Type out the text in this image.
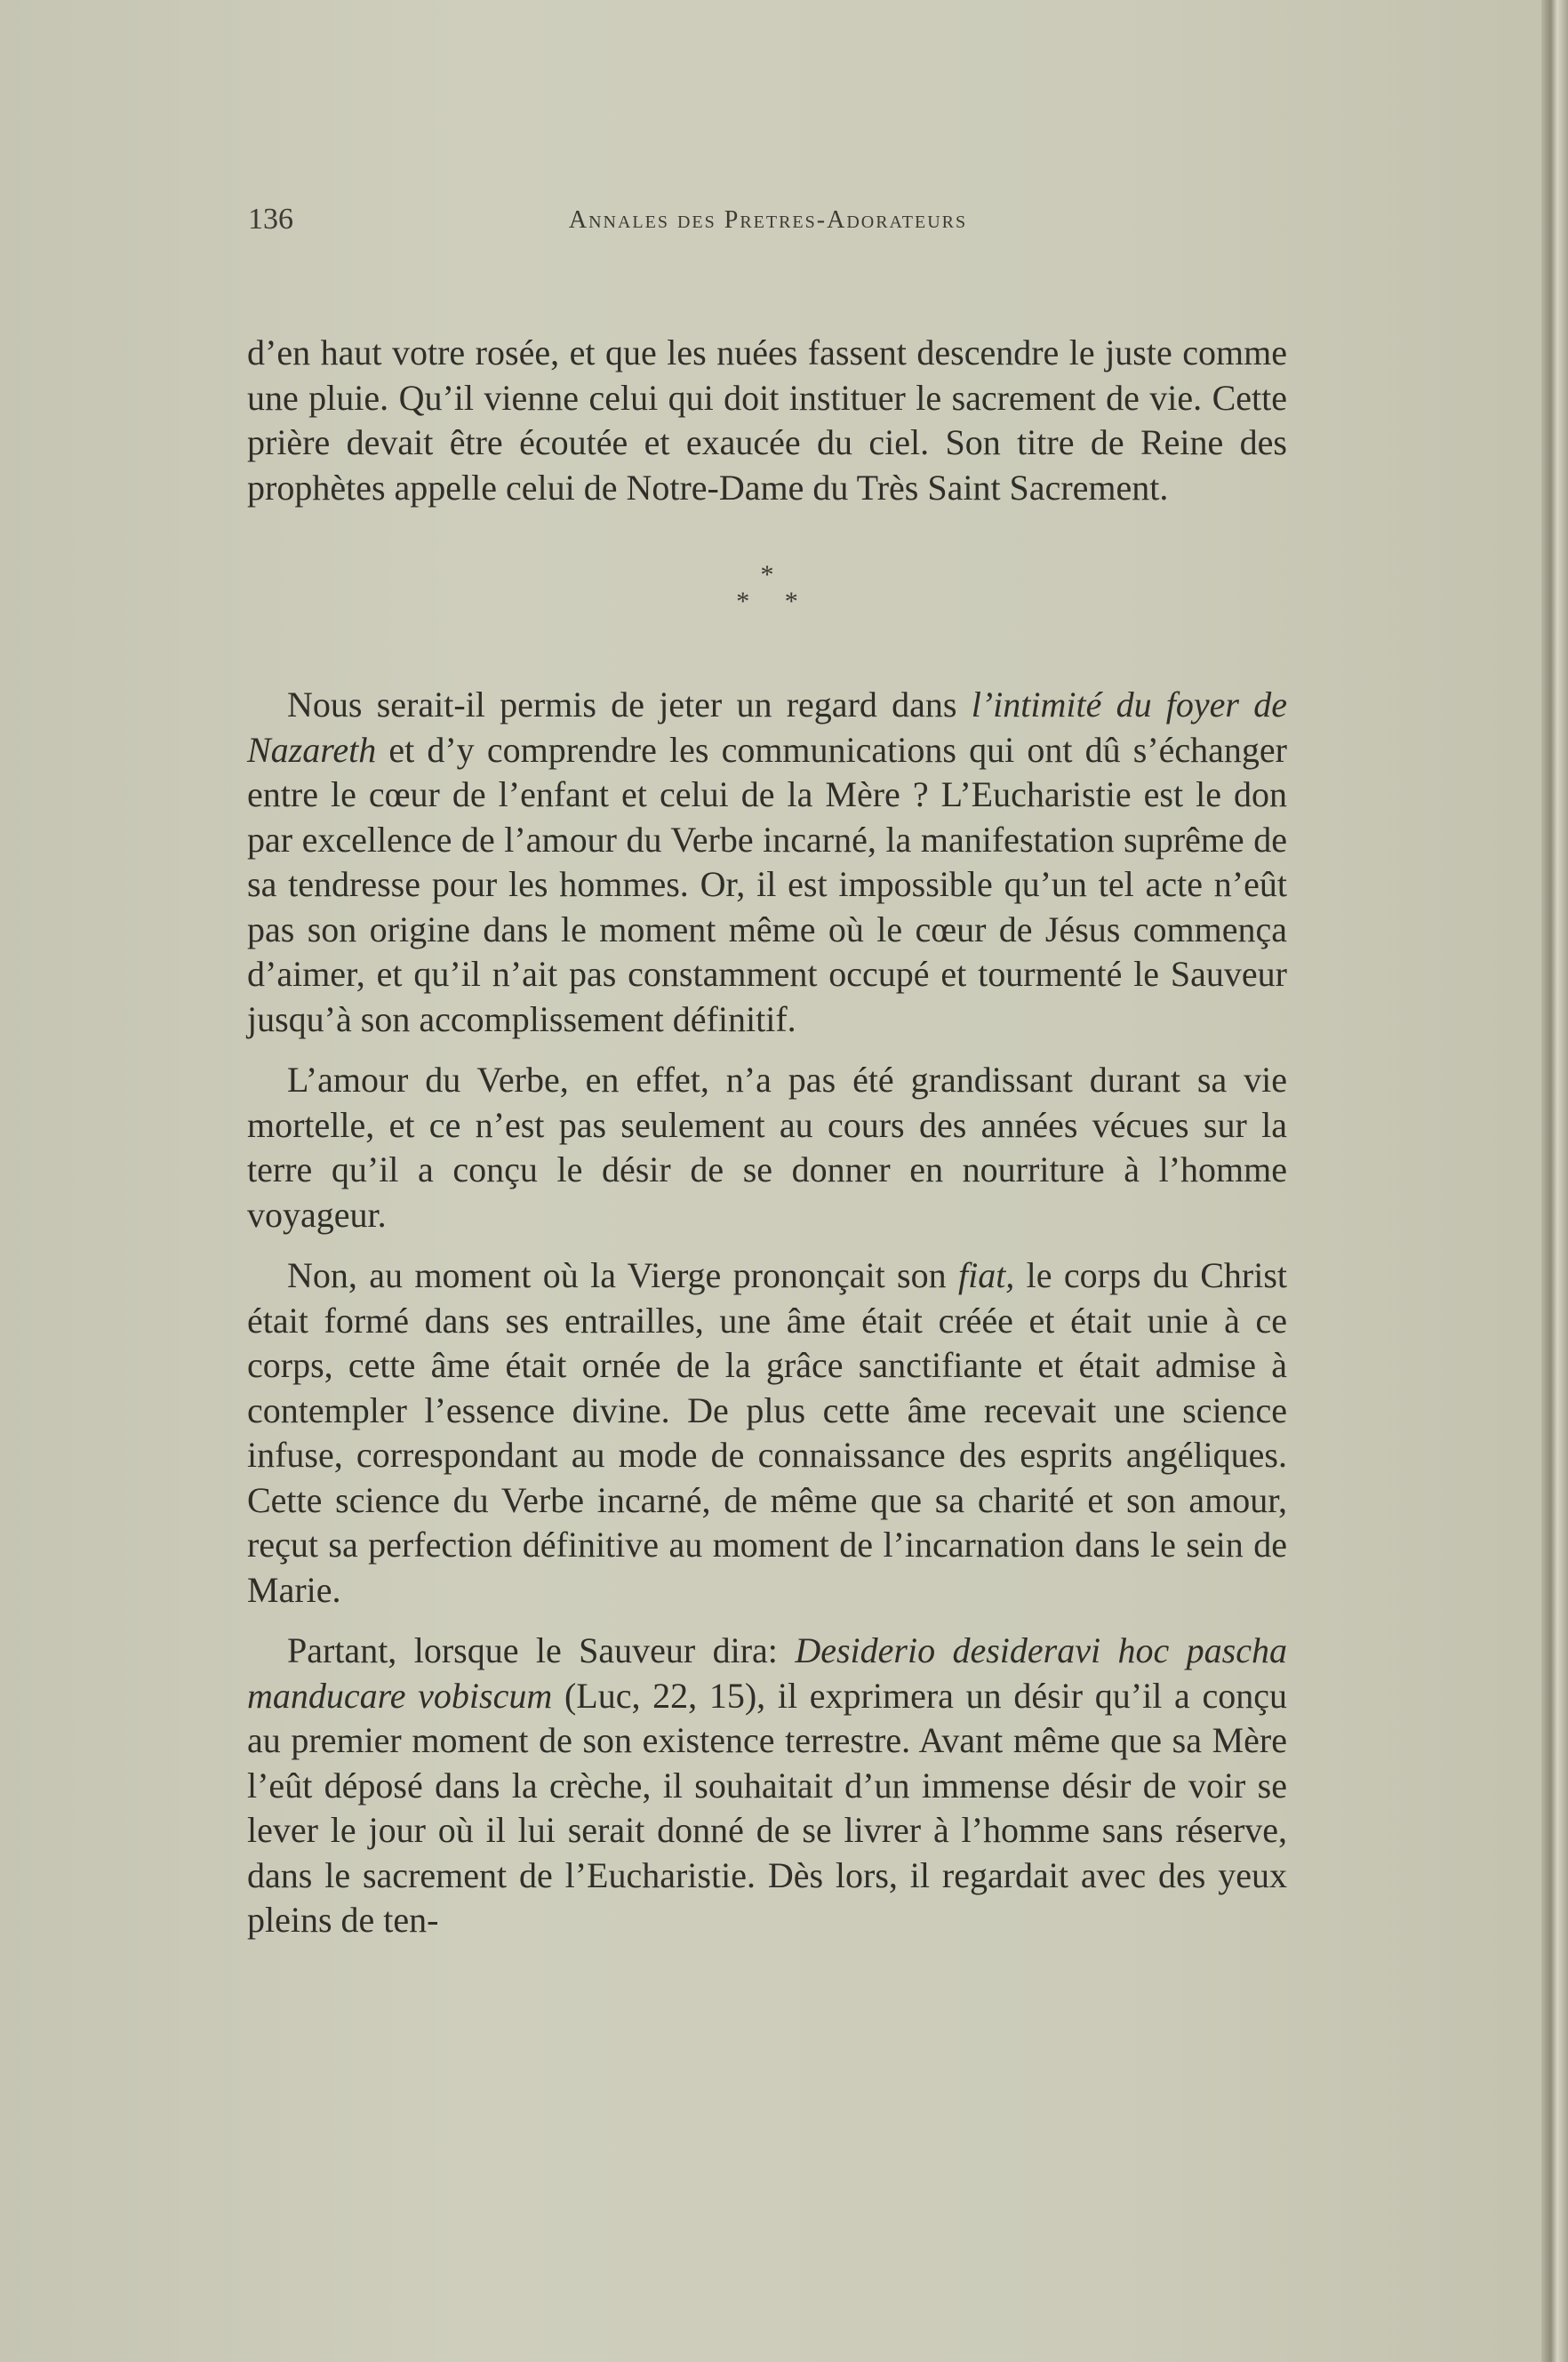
136	Annales des Pretres-Adorateurs

d’en haut votre rosée, et que les nuées fassent descendre le juste comme une pluie. Qu’il vienne celui qui doit instituer le sacrement de vie. Cette prière devait être écoutée et exaucée du ciel. Son titre de Reine des prophètes appelle celui de Notre-Dame du Très Saint Sacrement.

*
* *

Nous serait-il permis de jeter un regard dans l’intimité du foyer de Nazareth et d’y comprendre les communications qui ont dû s’échanger entre le cœur de l’enfant et celui de la Mère ? L’Eucharistie est le don par excellence de l’amour du Verbe incarné, la manifestation suprême de sa tendresse pour les hommes. Or, il est impossible qu’un tel acte n’eût pas son origine dans le moment même où le cœur de Jésus commença d’aimer, et qu’il n’ait pas constamment occupé et tourmenté le Sauveur jusqu’à son accomplissement définitif.

L’amour du Verbe, en effet, n’a pas été grandissant durant sa vie mortelle, et ce n’est pas seulement au cours des années vécues sur la terre qu’il a conçu le désir de se donner en nourriture à l’homme voyageur.

Non, au moment où la Vierge prononçait son fiat, le corps du Christ était formé dans ses entrailles, une âme était créée et était unie à ce corps, cette âme était ornée de la grâce sanctifiante et était admise à contempler l’essence divine. De plus cette âme recevait une science infuse, correspondant au mode de connaissance des esprits angéliques. Cette science du Verbe incarné, de même que sa charité et son amour, reçut sa perfection définitive au moment de l’incarnation dans le sein de Marie.

Partant, lorsque le Sauveur dira: Desiderio desideravi hoc pascha manducare vobiscum (Luc, 22, 15), il exprimera un désir qu’il a conçu au premier moment de son existence terrestre. Avant même que sa Mère l’eût déposé dans la crèche, il souhaitait d’un immense désir de voir se lever le jour où il lui serait donné de se livrer à l’homme sans réserve, dans le sacrement de l’Eucharistie. Dès lors, il regardait avec des yeux pleins de ten-
